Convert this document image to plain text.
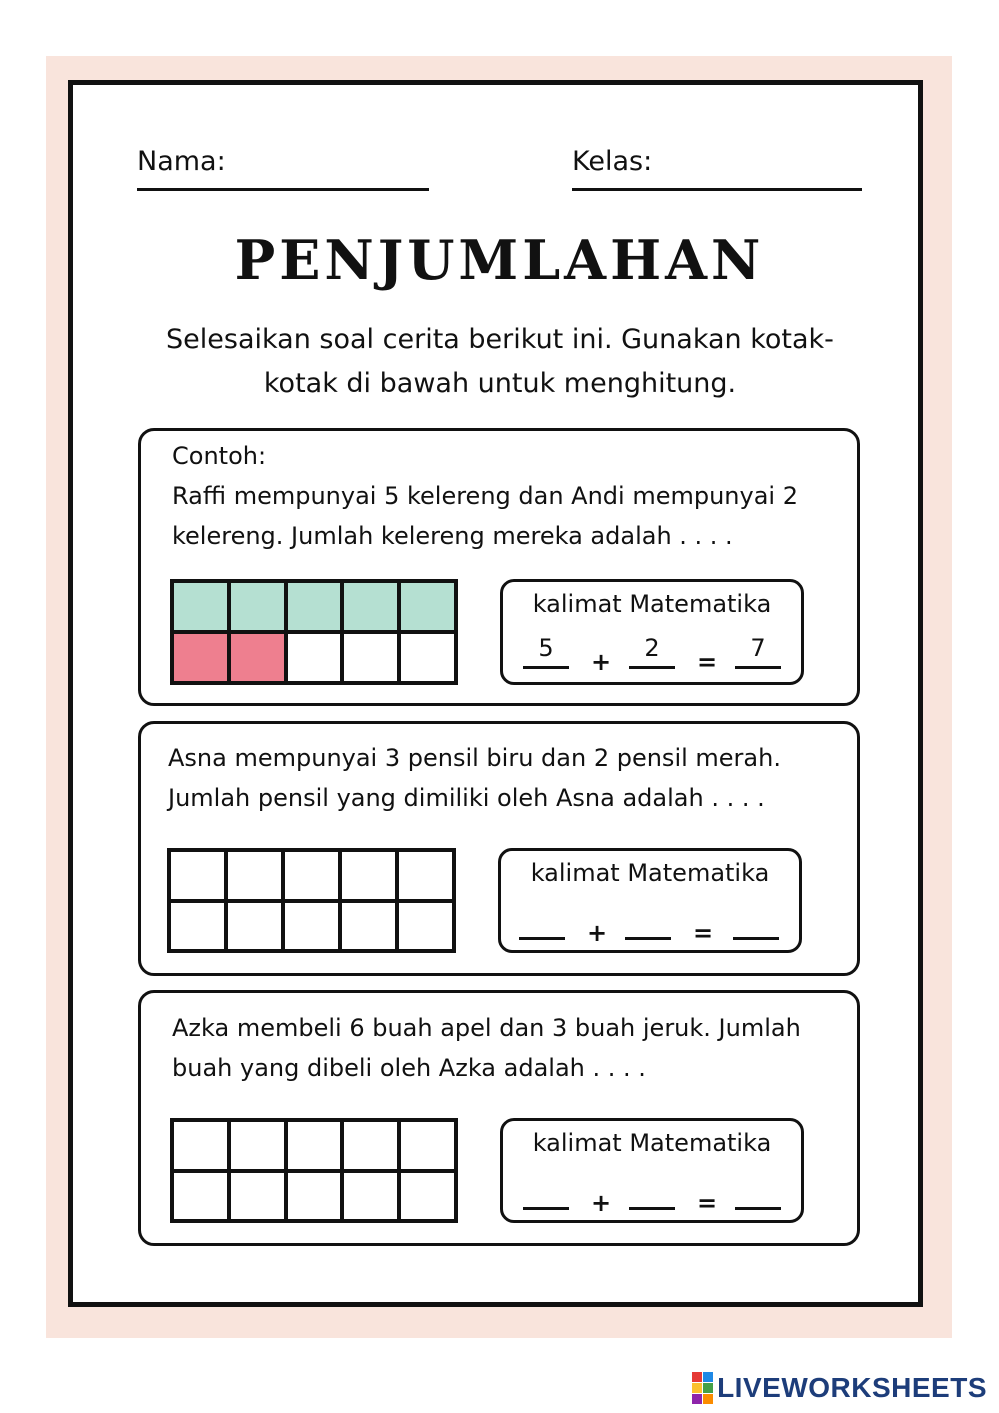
Nama:	Kelas:
PENJUMLAHAN
Selesaikan soal cerita berikut ini. Gunakan kotak-
kotak di bawah untuk menghitung.
Contoh:
Raffi mempunyai 5 kelereng dan Andi mempunyai 2
kelereng. Jumlah kelereng mereka adalah . . . .
kalimat Matematika
5	+	2	=	7
Asna mempunyai 3 pensil biru dan 2 pensil merah.
Jumlah pensil yang dimiliki oleh Asna adalah . . . .
kalimat Matematika
+	=
Azka membeli 6 buah apel dan 3 buah jeruk. Jumlah
buah yang dibeli oleh Azka adalah . . . .
kalimat Matematika
+	=
LIVEWORKSHEETS
